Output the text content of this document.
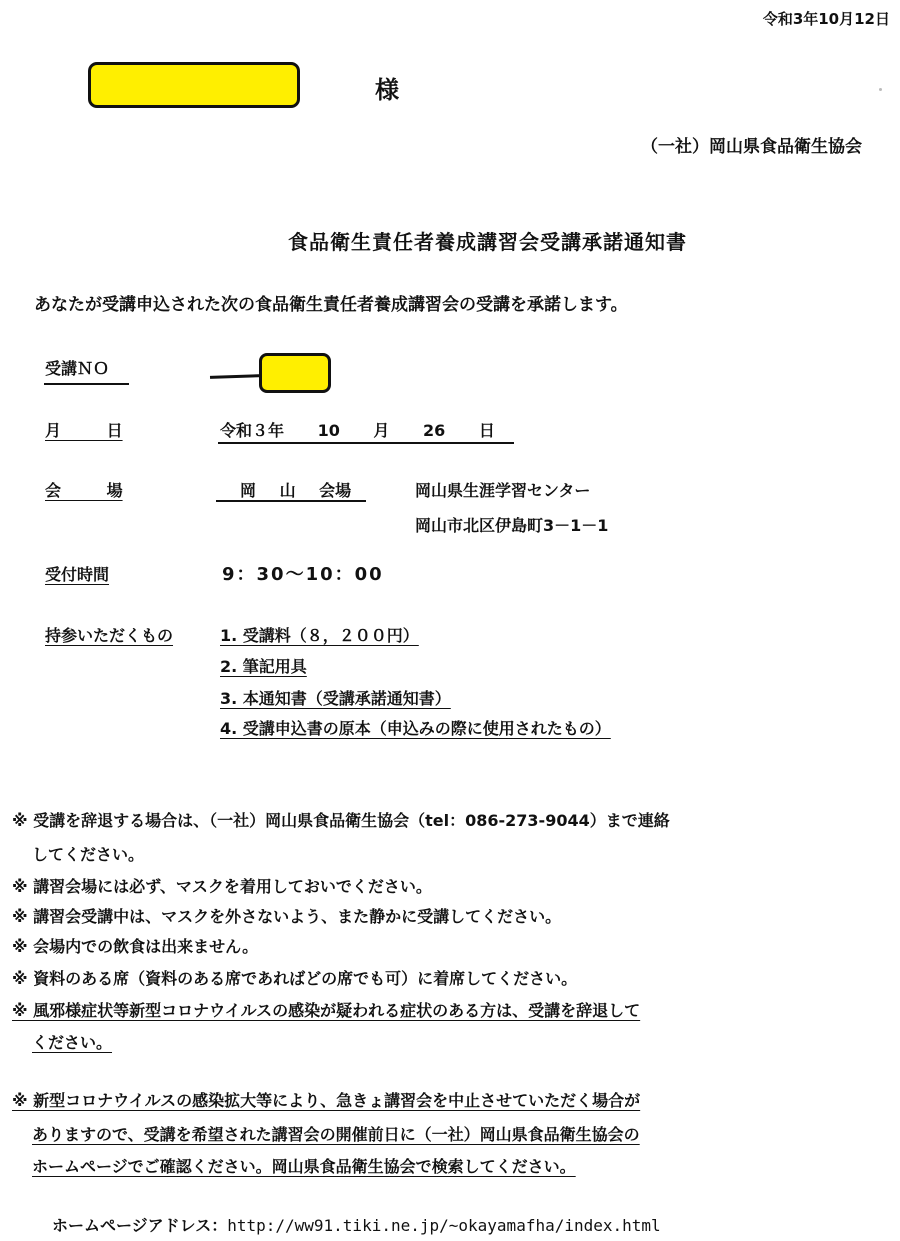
令和3年10月12日
様
（一社）岡山県食品衛生協会
食品衛生責任者養成講習会受講承諾通知書
あなたが受講申込された次の食品衛生責任者養成講習会の受講を承諾します。
受講ＮＯ
月 日	令和３年 10 月 26 日
会 場	岡 山 会場	岡山県生涯学習センター
岡山市北区伊島町3－1－1
受付時間	9：30～10：00
持参いただくもの	1. 受講料（８，２００円）
2. 筆記用具
3. 本通知書（受講承諾通知書）
4. 受講申込書の原本（申込みの際に使用されたもの）
※ 受講を辞退する場合は、（一社）岡山県食品衛生協会（tel：086-273-9044）まで連絡
してください。
※ 講習会場には必ず、マスクを着用しておいでください。
※ 講習会受講中は、マスクを外さないよう、また静かに受講してください。
※ 会場内での飲食は出来ません。
※ 資料のある席（資料のある席であればどの席でも可）に着席してください。
※ 風邪様症状等新型コロナウイルスの感染が疑われる症状のある方は、受講を辞退して
ください。
※ 新型コロナウイルスの感染拡大等により、急きょ講習会を中止させていただく場合が
ありますので、受講を希望された講習会の開催前日に（一社）岡山県食品衛生協会の
ホームページでご確認ください。岡山県食品衛生協会で検索してください。
ホームページアドレス：http://ww91.tiki.ne.jp/~okayamafha/index.html
